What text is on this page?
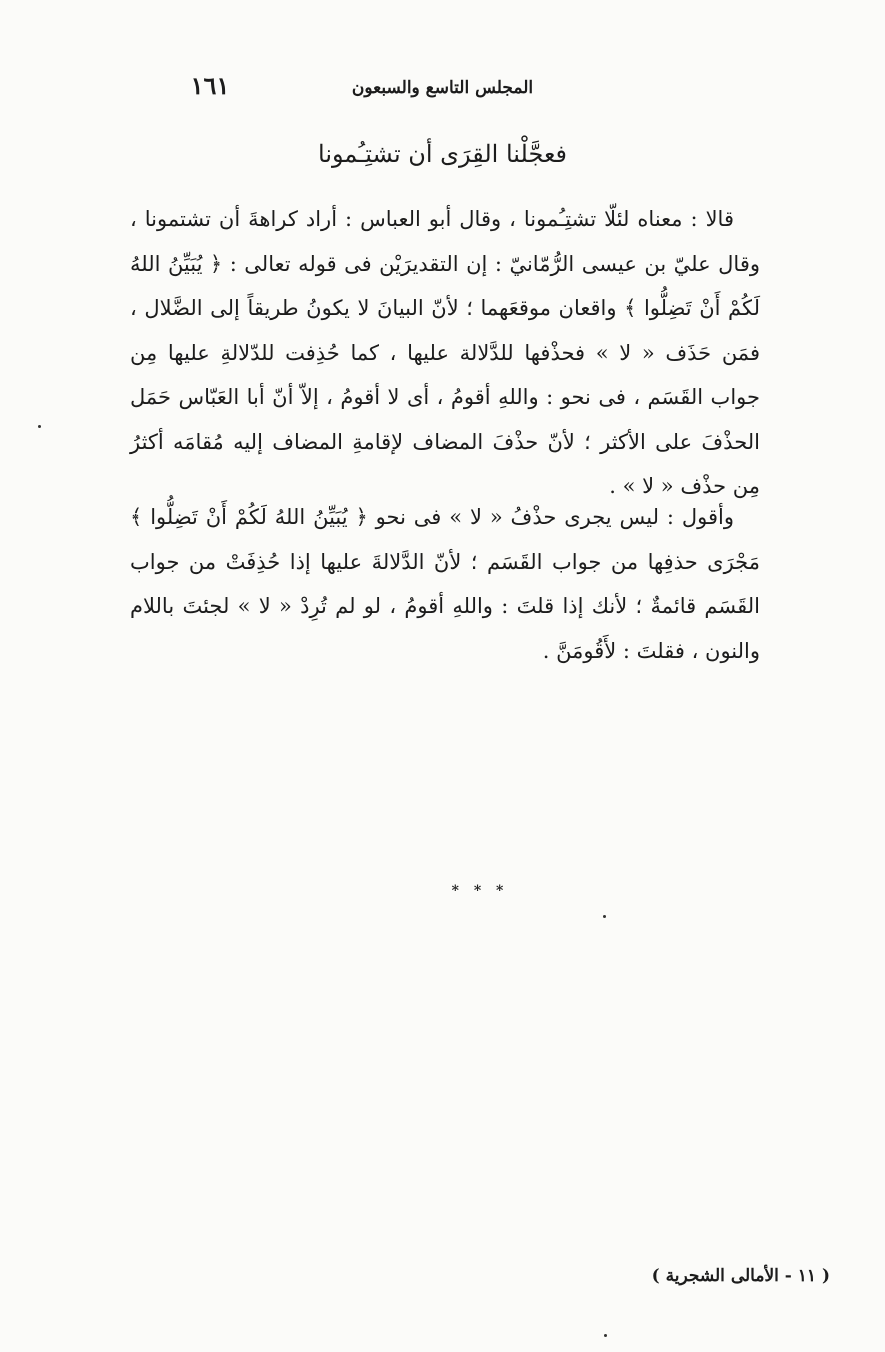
١٦١	المجلس التاسع والسبعون
فعجَّلْنا القِرَى أن تشتِـُمونا

قالا : معناه لئلّا تشتِـُمونا ، وقال أبو العباس : أراد كراهةَ أن تشتمونا ، وقال عليّ بن عيسى الرُّمّانيّ : إن التقديرَيْن فى قوله تعالى : ﴿ يُبَيِّنُ اللهُ لَكُمْ أَنْ تَضِلُّوا ﴾ واقعان موقعَهما ؛ لأنّ البيانَ لا يكونُ طريقاً إلى الضَّلال ، فمَن حَذَف « لا » فحذْفها للدَّلالة عليها ، كما حُذِفت للدّلالةِ عليها مِن جواب القَسَم ، فى نحو : واللهِ أقومُ ، أى لا أقومُ ، إلاّ أنّ أبا العَبّاس حَمَل الحذْفَ على الأكثر ؛ لأنّ حذْفَ المضاف لإقامةِ المضاف إليه مُقامَه أكثرُ مِن حذْف « لا » .

وأقول : ليس يجرى حذْفُ « لا » فى نحو ﴿ يُبَيِّنُ اللهُ لَكُمْ أَنْ تَضِلُّوا ﴾ مَجْرَى حذفِها من جواب القَسَم ؛ لأنّ الدَّلالةَ عليها إذا حُذِفَتْ من جواب القَسَم قائمةٌ ؛ لأنك إذا قلتَ : واللهِ أقومُ ، لو لم تُرِدْ « لا » لجئتَ باللام والنون ، فقلتَ : لأَقُومَنَّ .

* * *
( ١١ - الأمالى الشجرية )
